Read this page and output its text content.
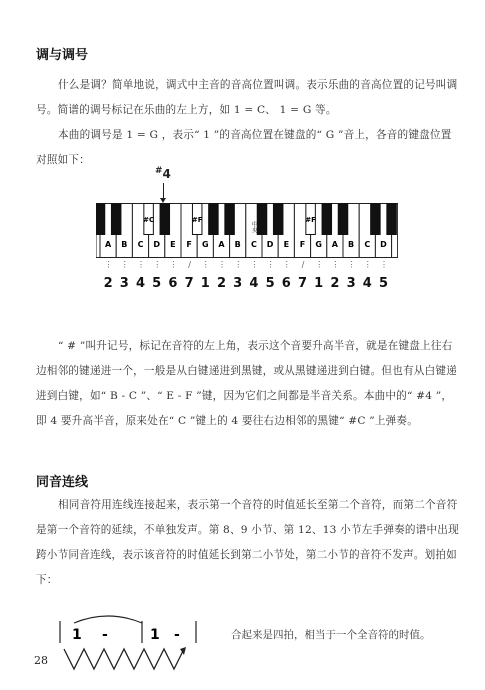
调与调号
什么是调？简单地说，调式中主音的音高位置叫调。表示乐曲的音高位置的记号叫调号。简谱的调号标记在乐曲的左上方，如 1 = C、 1 = G 等。
本曲的调号是 1 = G ，表示“ 1 ”的音高位置在键盘的“ G ”音上，各音的键盘位置对照如下：
#4
A B C D E F G A B C D E F G A B C D
#C	#F	#F
中央
⋮ ⋮ ⋮ ⋮ ⋮ / ⋮ ⋮ ⋮ ⋮ ⋮ ⋮ / ⋮ ⋮ ⋮ ⋮ ⋮
2 3 4 5 6 7 1 2 3 4 5 6 7 1 2 3 4 5
“ # ”叫升记号，标记在音符的左上角，表示这个音要升高半音，就是在键盘上往右边相邻的键递进一个，一般是从白键递进到黑键，或从黑键递进到白键。但也有从白键递进到白键，如“ B - C ”、“ E - F ”键，因为它们之间都是半音关系。本曲中的“ #4 ”，即 4 要升高半音，原来处在“ C ”键上的 4 要往右边相邻的黑键“ #C ”上弹奏。
同音连线
相同音符用连线连接起来，表示第一个音符的时值延长至第二个音符，而第二个音符是第一个音符的延续，不单独发声。第 8、9 小节、第 12、13 小节左手弹奏的谱中出现跨小节同音连线，表示该音符的时值延长到第二小节处，第二小节的音符不发声。划拍如下：
1 -	1 -	合起来是四拍，相当于一个全音符的时值。
28
